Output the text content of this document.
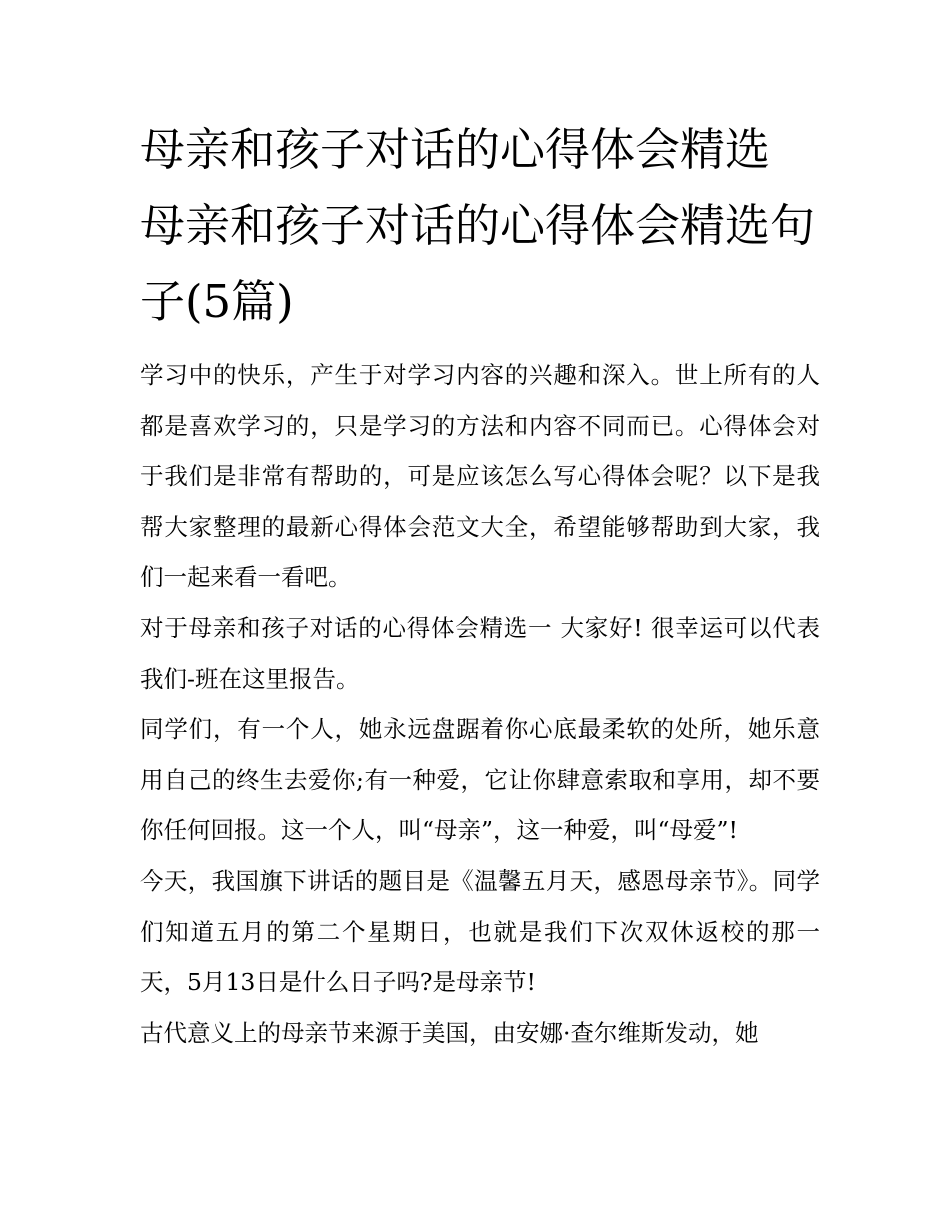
母亲和孩子对话的心得体会精选 母亲和孩子对话的心得体会精选句子(5篇)

学习中的快乐，产生于对学习内容的兴趣和深入。世上所有的人都是喜欢学习的，只是学习的方法和内容不同而已。心得体会对于我们是非常有帮助的，可是应该怎么写心得体会呢？以下是我帮大家整理的最新心得体会范文大全，希望能够帮助到大家，我们一起来看一看吧。

对于母亲和孩子对话的心得体会精选一 大家好! 很幸运可以代表我们-班在这里报告。

同学们，有一个人，她永远盘踞着你心底最柔软的处所，她乐意用自己的终生去爱你;有一种爱，它让你肆意索取和享用，却不要你任何回报。这一个人，叫“母亲”，这一种爱，叫“母爱”!

今天，我国旗下讲话的题目是《温馨五月天，感恩母亲节》。同学们知道五月的第二个星期日，也就是我们下次双休返校的那一天，5月13日是什么日子吗?是母亲节!

古代意义上的母亲节来源于美国，由安娜·查尔维斯发动，她
